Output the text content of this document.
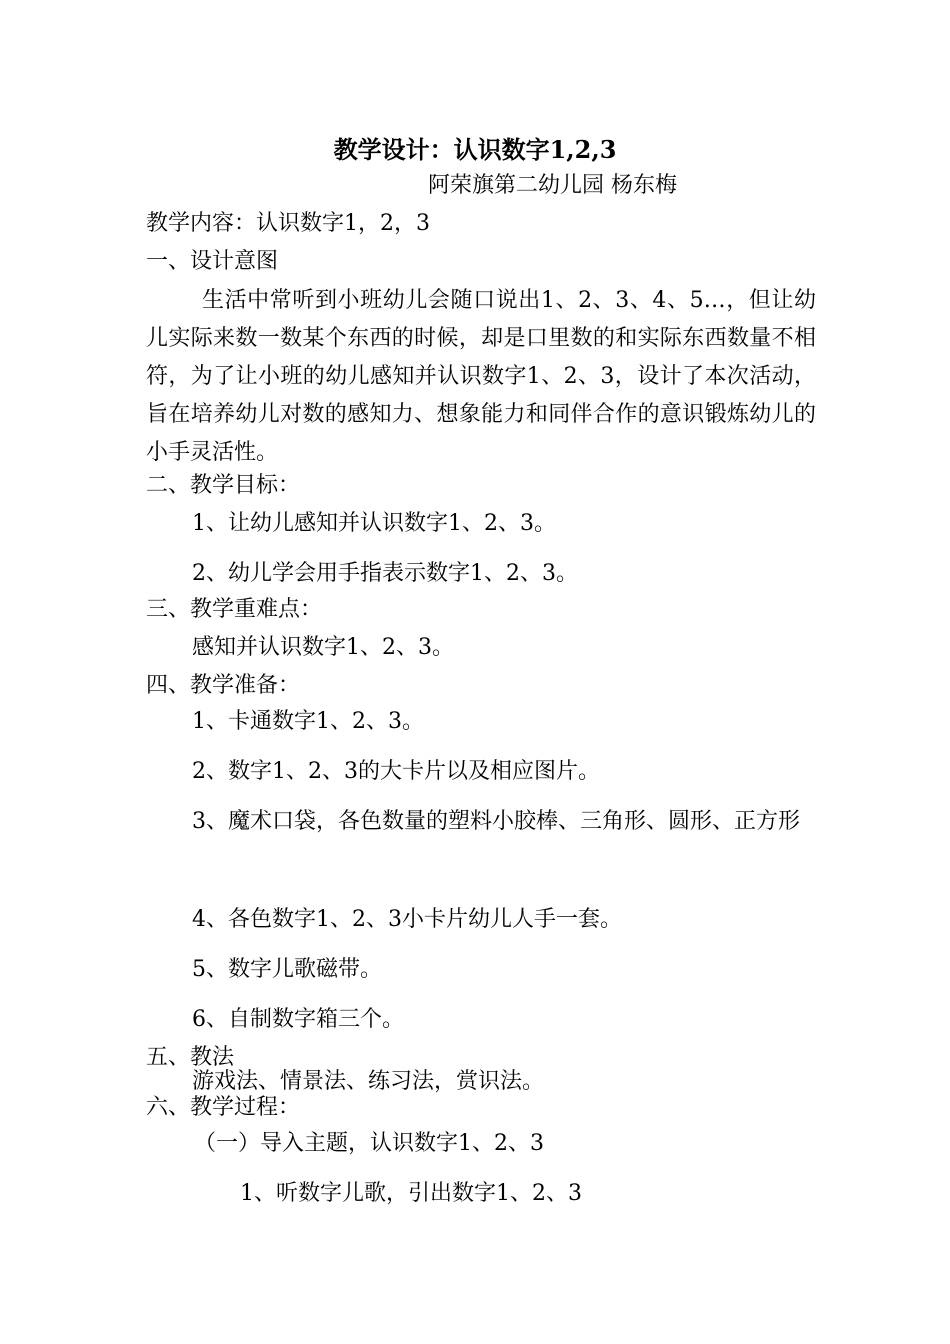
教学设计：认识数字1,2,3
阿荣旗第二幼儿园 杨东梅
教学内容：认识数字1，2，3
一、设计意图
生活中常听到小班幼儿会随口说出1、2、3、4、5…，但让幼儿实际来数一数某个东西的时候，却是口里数的和实际东西数量不相符，为了让小班的幼儿感知并认识数字1、2、3，设计了本次活动，旨在培养幼儿对数的感知力、想象能力和同伴合作的意识锻炼幼儿的小手灵活性。
二、教学目标：
1、让幼儿感知并认识数字1、2、3。
2、幼儿学会用手指表示数字1、2、3。
三、教学重难点：
感知并认识数字1、2、3。
四、教学准备：
1、卡通数字1、2、3。
2、数字1、2、3的大卡片以及相应图片。
3、魔术口袋，各色数量的塑料小胶棒、三角形、圆形、正方形
4、各色数字1、2、3小卡片幼儿人手一套。
5、数字儿歌磁带。
6、自制数字箱三个。
五、教法
游戏法、情景法、练习法，赏识法。
六、教学过程：
（一）导入主题，认识数字1、2、3
1、听数字儿歌，引出数字1、2、3
